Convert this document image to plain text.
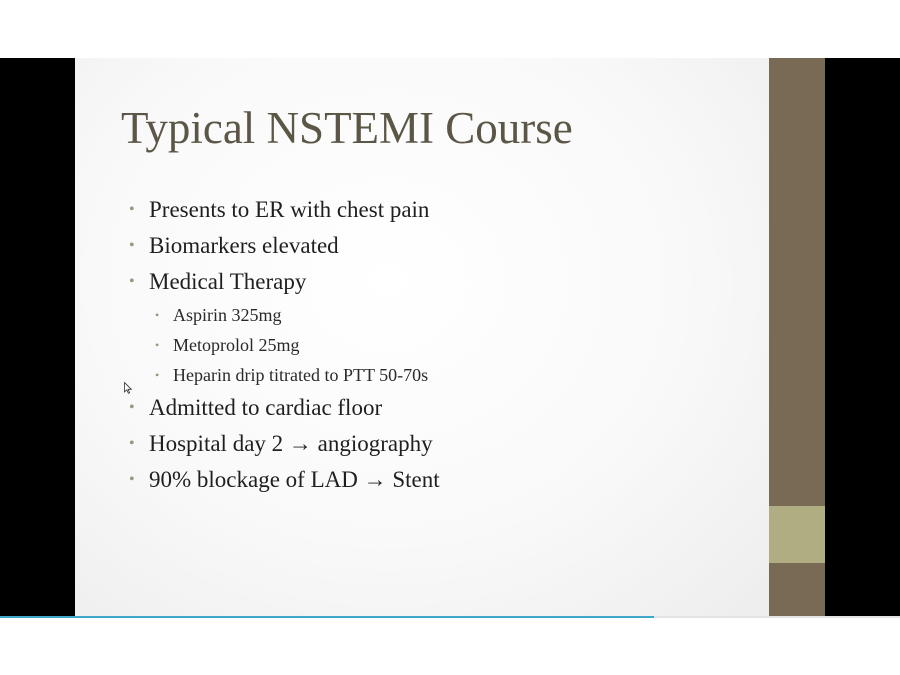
Typical NSTEMI Course
• Presents to ER with chest pain
• Biomarkers elevated
• Medical Therapy
• Aspirin 325mg
• Metoprolol 25mg
• Heparin drip titrated to PTT 50-70s
• Admitted to cardiac floor
• Hospital day 2 → angiography
• 90% blockage of LAD → Stent
